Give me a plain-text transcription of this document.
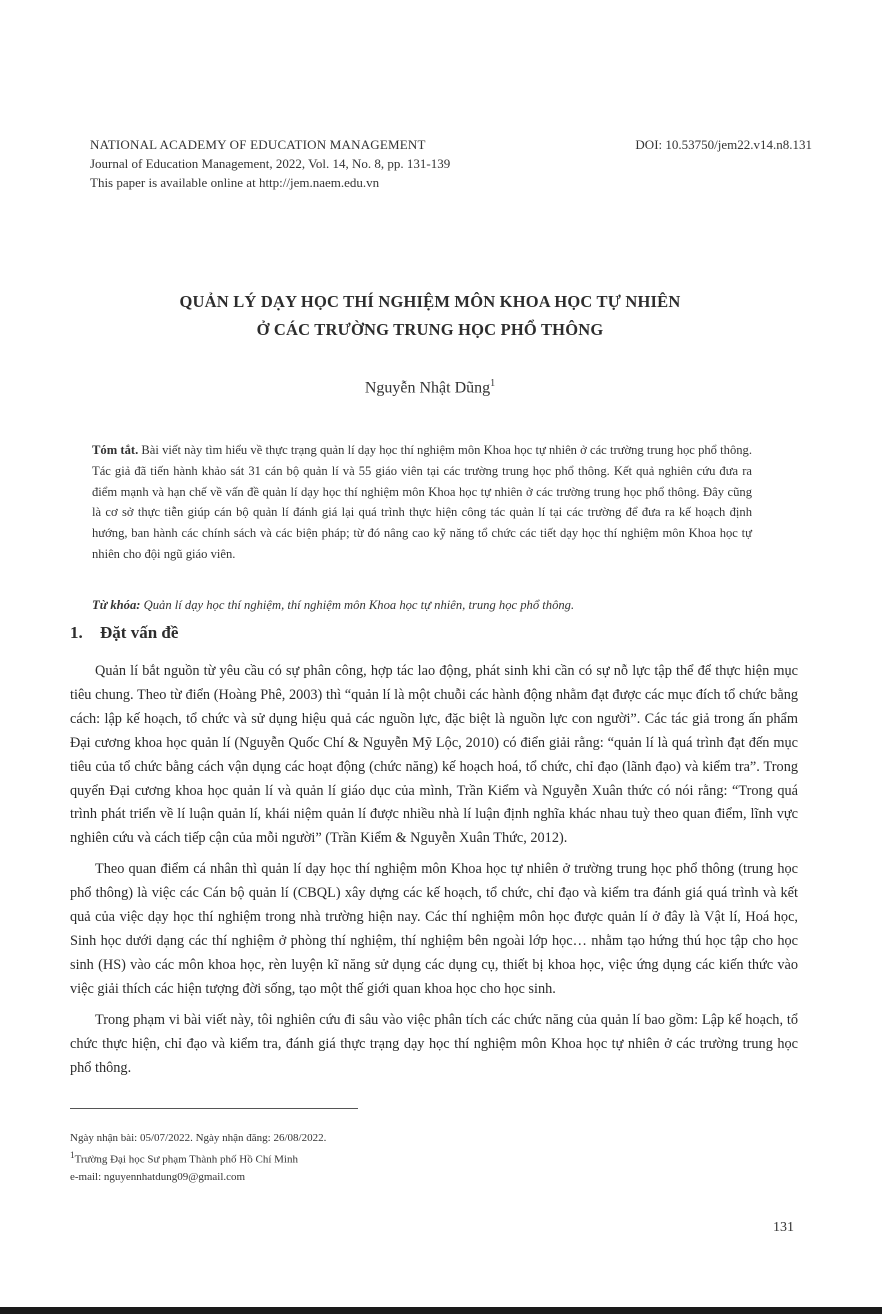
NATIONAL ACADEMY OF EDUCATION MANAGEMENT
Journal of Education Management, 2022, Vol. 14, No. 8, pp. 131-139
This paper is available online at http://jem.naem.edu.vn
DOI: 10.53750/jem22.v14.n8.131
QUẢN LÝ DẠY HỌC THÍ NGHIỆM MÔN KHOA HỌC TỰ NHIÊN
Ở CÁC TRƯỜNG TRUNG HỌC PHỔ THÔNG
Nguyễn Nhật Dũng$^1$
Tóm tắt. Bài viết này tìm hiểu về thực trạng quản lí dạy học thí nghiệm môn Khoa học tự nhiên ở các trường trung học phổ thông. Tác giả đã tiến hành khảo sát 31 cán bộ quản lí và 55 giáo viên tại các trường trung học phổ thông. Kết quả nghiên cứu đưa ra điểm mạnh và hạn chế về vấn đề quản lí dạy học thí nghiệm môn Khoa học tự nhiên ở các trường trung học phổ thông. Đây cũng là cơ sở thực tiễn giúp cán bộ quản lí đánh giá lại quá trình thực hiện công tác quản lí tại các trường để đưa ra kế hoạch định hướng, ban hành các chính sách và các biện pháp; từ đó nâng cao kỹ năng tổ chức các tiết dạy học thí nghiệm môn Khoa học tự nhiên cho đội ngũ giáo viên.
Từ khóa: Quản lí dạy học thí nghiệm, thí nghiệm môn Khoa học tự nhiên, trung học phổ thông.
1. Đặt vấn đề

Quản lí bắt nguồn từ yêu cầu có sự phân công, hợp tác lao động, phát sinh khi cần có sự nỗ lực tập thể để thực hiện mục tiêu chung. Theo từ điển (Hoàng Phê, 2003) thì “quản lí là một chuỗi các hành động nhằm đạt được các mục đích tổ chức bằng cách: lập kế hoạch, tổ chức và sử dụng hiệu quả các nguồn lực, đặc biệt là nguồn lực con người”. Các tác giả trong ấn phẩm Đại cương khoa học quản lí (Nguyễn Quốc Chí & Nguyễn Mỹ Lộc, 2010) có điển giải rằng: “quản lí là quá trình đạt đến mục tiêu của tổ chức bằng cách vận dụng các hoạt động (chức năng) kế hoạch hoá, tổ chức, chỉ đạo (lãnh đạo) và kiểm tra”. Trong quyển Đại cương khoa học quản lí và quản lí giáo dục của mình, Trần Kiểm và Nguyễn Xuân thức có nói rằng: “Trong quá trình phát triển về lí luận quản lí, khái niệm quản lí được nhiều nhà lí luận định nghĩa khác nhau tuỳ theo quan điểm, lĩnh vực nghiên cứu và cách tiếp cận của mỗi người” (Trần Kiểm & Nguyễn Xuân Thức, 2012).

Theo quan điểm cá nhân thì quản lí dạy học thí nghiệm môn Khoa học tự nhiên ở trường trung học phổ thông (trung học phổ thông) là việc các Cán bộ quản lí (CBQL) xây dựng các kế hoạch, tổ chức, chỉ đạo và kiểm tra đánh giá quá trình và kết quả của việc dạy học thí nghiệm trong nhà trường hiện nay. Các thí nghiệm môn học được quản lí ở đây là Vật lí, Hoá học, Sinh học dưới dạng các thí nghiệm ở phòng thí nghiệm, thí nghiệm bên ngoài lớp học… nhằm tạo hứng thú học tập cho học sinh (HS) vào các môn khoa học, rèn luyện kĩ năng sử dụng các dụng cụ, thiết bị khoa học, việc ứng dụng các kiến thức vào việc giải thích các hiện tượng đời sống, tạo một thế giới quan khoa học cho học sinh.

Trong phạm vi bài viết này, tôi nghiên cứu đi sâu vào việc phân tích các chức năng của quản lí bao gồm: Lập kế hoạch, tổ chức thực hiện, chỉ đạo và kiểm tra, đánh giá thực trạng dạy học thí nghiệm môn Khoa học tự nhiên ở các trường trung học phổ thông.

Ngày nhận bài: 05/07/2022. Ngày nhận đăng: 26/08/2022.
$^1$Trường Đại học Sư phạm Thành phố Hồ Chí Minh
e-mail: nguyennhatdung09@gmail.com
131
